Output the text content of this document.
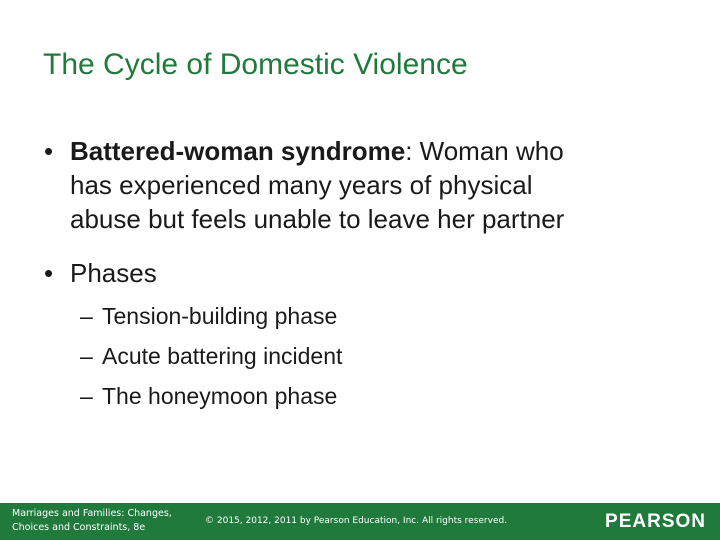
The Cycle of Domestic Violence
• Battered-woman syndrome: Woman who
has experienced many years of physical
abuse but feels unable to leave her partner
• Phases
– Tension-building phase
– Acute battering incident
– The honeymoon phase
Marriages and Families: Changes,
Choices and Constraints, 8e
© 2015, 2012, 2011 by Pearson Education, Inc. All rights reserved.	PEARSON
